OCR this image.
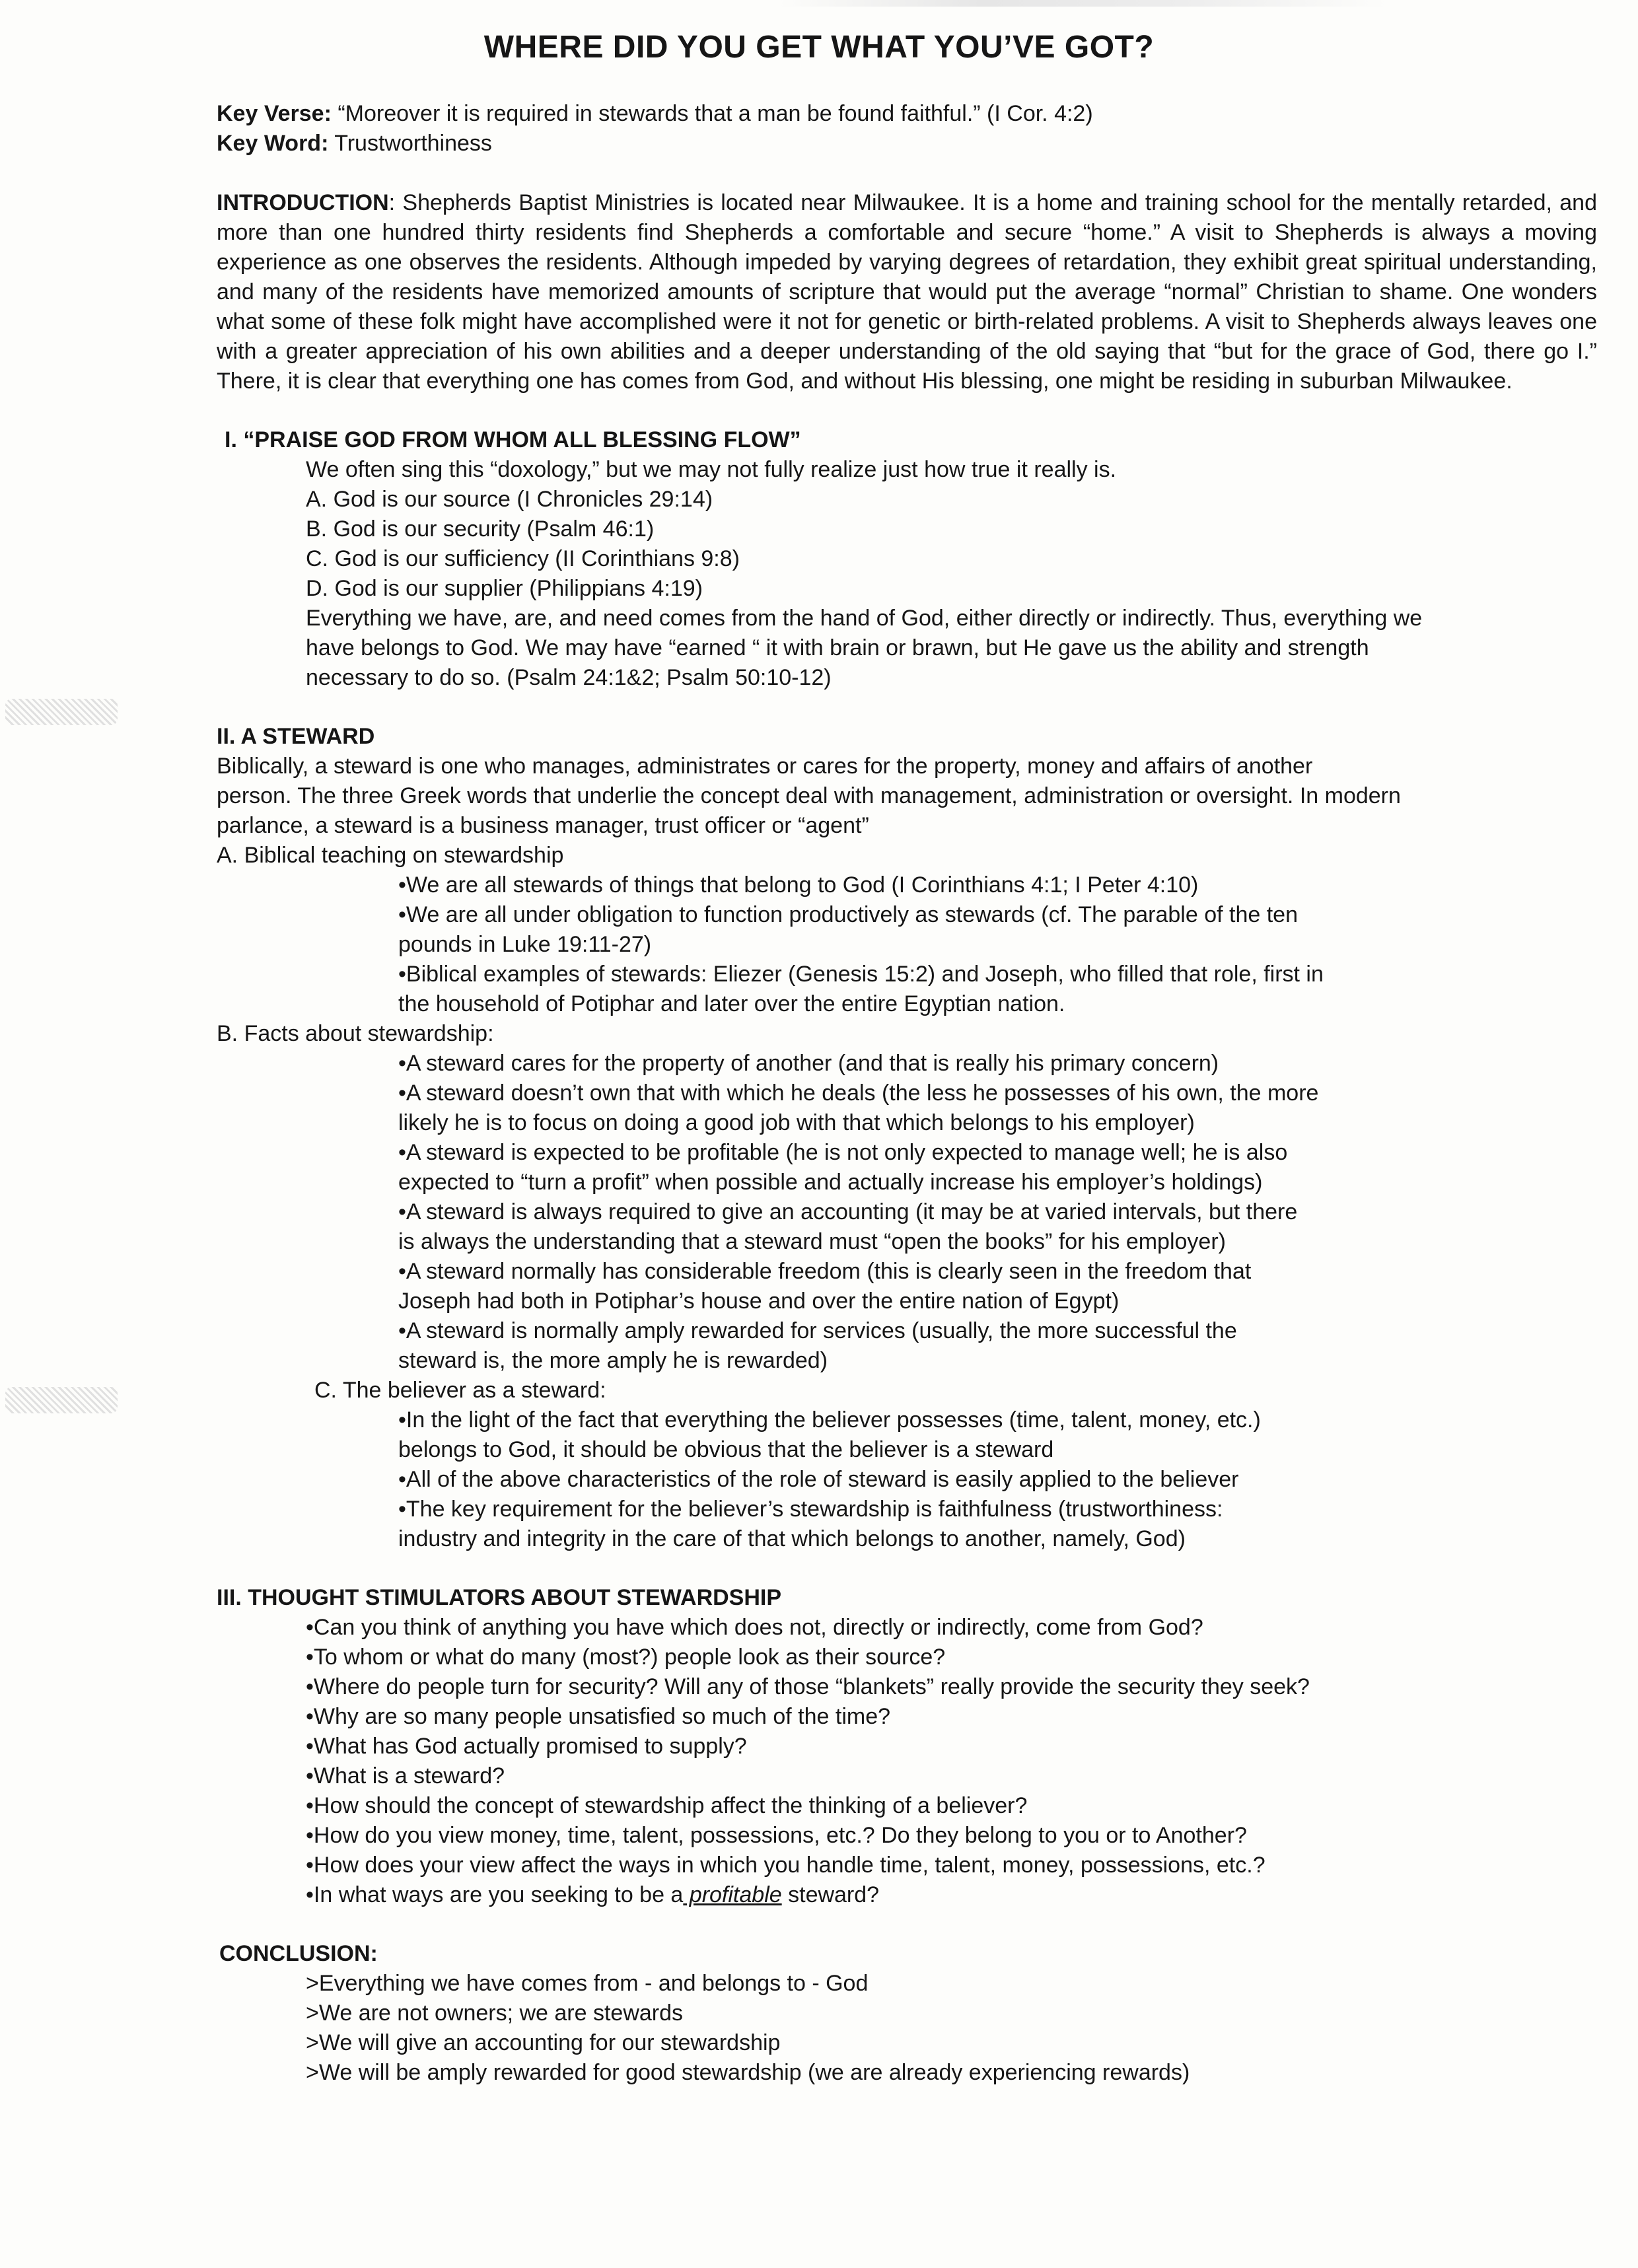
WHERE DID YOU GET WHAT YOU’VE GOT?

Key Verse: “Moreover it is required in stewards that a man be found faithful.” (I Cor. 4:2)

Key Word: Trustworthiness

INTRODUCTION: Shepherds Baptist Ministries is located near Milwaukee. It is a home and training school for the mentally retarded, and more than one hundred thirty residents find Shepherds a comfortable and secure “home.” A visit to Shepherds is always a moving experience as one observes the residents. Although impeded by varying degrees of retardation, they exhibit great spiritual understanding, and many of the residents have memorized amounts of scripture that would put the average “normal” Christian to shame. One wonders what some of these folk might have accomplished were it not for genetic or birth-related problems. A visit to Shepherds always leaves one with a greater appreciation of his own abilities and a deeper understanding of the old saying that “but for the grace of God, there go I.” There, it is clear that everything one has comes from God, and without His blessing, one might be residing in suburban Milwaukee.

I. “PRAISE GOD FROM WHOM ALL BLESSING FLOW”

We often sing this “doxology,” but we may not fully realize just how true it really is.

A. God is our source (I Chronicles 29:14)

B. God is our security (Psalm 46:1)

C. God is our sufficiency (II Corinthians 9:8)

D. God is our supplier (Philippians 4:19)

Everything we have, are, and need comes from the hand of God, either directly or indirectly. Thus, everything we

have belongs to God. We may have “earned “ it with brain or brawn, but He gave us the ability and strength

necessary to do so. (Psalm 24:1&2; Psalm 50:10-12)

II. A STEWARD

Biblically, a steward is one who manages, administrates or cares for the property, money and affairs of another

person. The three Greek words that underlie the concept deal with management, administration or oversight. In modern

parlance, a steward is a business manager, trust officer or “agent”

A. Biblical teaching on stewardship

•We are all stewards of things that belong to God (I Corinthians 4:1; I Peter 4:10)

•We are all under obligation to function productively as stewards (cf. The parable of the ten

pounds in Luke 19:11-27)

•Biblical examples of stewards: Eliezer (Genesis 15:2) and Joseph, who filled that role, first in

the household of Potiphar and later over the entire Egyptian nation.

B. Facts about stewardship:

•A steward cares for the property of another (and that is really his primary concern)

•A steward doesn’t own that with which he deals (the less he possesses of his own, the more

likely he is to focus on doing a good job with that which belongs to his employer)

•A steward is expected to be profitable (he is not only expected to manage well; he is also

expected to “turn a profit” when possible and actually increase his employer’s holdings)

•A steward is always required to give an accounting (it may be at varied intervals, but there

is always the understanding that a steward must “open the books” for his employer)

•A steward normally has considerable freedom (this is clearly seen in the freedom that

Joseph had both in Potiphar’s house and over the entire nation of Egypt)

•A steward is normally amply rewarded for services (usually, the more successful the

steward is, the more amply he is rewarded)

C. The believer as a steward:

•In the light of the fact that everything the believer possesses (time, talent, money, etc.)

belongs to God, it should be obvious that the believer is a steward

•All of the above characteristics of the role of steward is easily applied to the believer

•The key requirement for the believer’s stewardship is faithfulness (trustworthiness:

industry and integrity in the care of that which belongs to another, namely, God)

III. THOUGHT STIMULATORS ABOUT STEWARDSHIP

•Can you think of anything you have which does not, directly or indirectly, come from God?

•To whom or what do many (most?) people look as their source?

•Where do people turn for security? Will any of those “blankets” really provide the security they seek?

•Why are so many people unsatisfied so much of the time?

•What has God actually promised to supply?

•What is a steward?

•How should the concept of stewardship affect the thinking of a believer?

•How do you view money, time, talent, possessions, etc.? Do they belong to you or to Another?

•How does your view affect the ways in which you handle time, talent, money, possessions, etc.?

•In what ways are you seeking to be a profitable steward?

CONCLUSION:

>Everything we have comes from - and belongs to - God

>We are not owners; we are stewards

>We will give an accounting for our stewardship

>We will be amply rewarded for good stewardship (we are already experiencing rewards)
